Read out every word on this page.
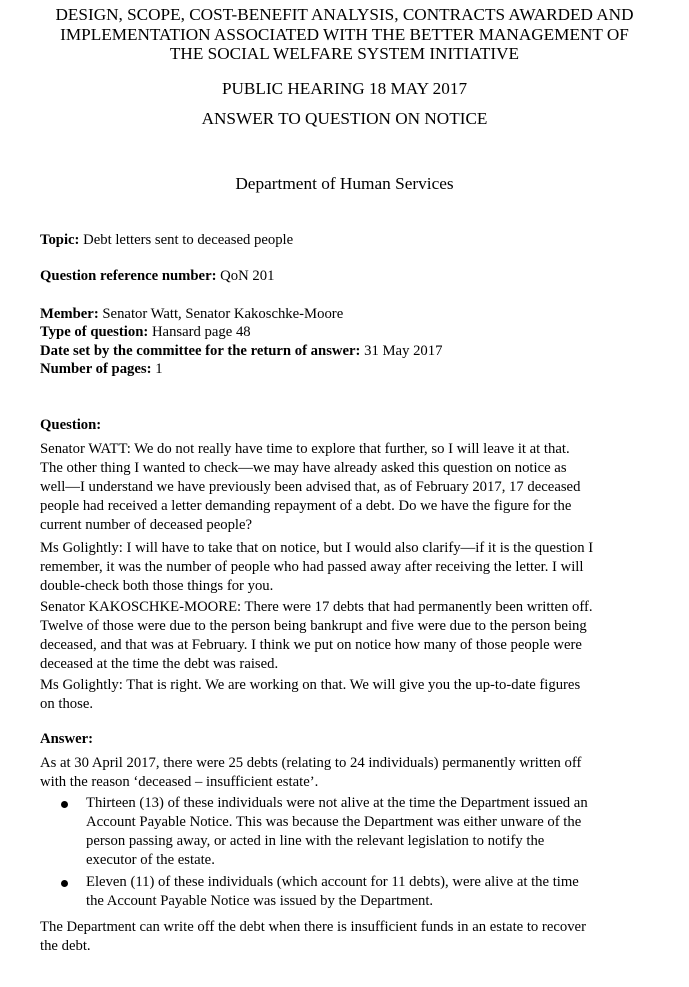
DESIGN, SCOPE, COST-BENEFIT ANALYSIS, CONTRACTS AWARDED AND
IMPLEMENTATION ASSOCIATED WITH THE BETTER MANAGEMENT OF
THE SOCIAL WELFARE SYSTEM INITIATIVE
PUBLIC HEARING 18 MAY 2017
ANSWER TO QUESTION ON NOTICE
Department of Human Services
Topic: Debt letters sent to deceased people
Question reference number: QoN 201
Member: Senator Watt, Senator Kakoschke-Moore
Type of question: Hansard page 48
Date set by the committee for the return of answer: 31 May 2017
Number of pages: 1
Question:
Senator WATT: We do not really have time to explore that further, so I will leave it at that.
The other thing I wanted to check—we may have already asked this question on notice as
well—I understand we have previously been advised that, as of February 2017, 17 deceased
people had received a letter demanding repayment of a debt. Do we have the figure for the
current number of deceased people?
Ms Golightly: I will have to take that on notice, but I would also clarify—if it is the question I
remember, it was the number of people who had passed away after receiving the letter. I will
double-check both those things for you.
Senator KAKOSCHKE-MOORE: There were 17 debts that had permanently been written off.
Twelve of those were due to the person being bankrupt and five were due to the person being
deceased, and that was at February. I think we put on notice how many of those people were
deceased at the time the debt was raised.
Ms Golightly: That is right. We are working on that. We will give you the up-to-date figures
on those.
Answer:
As at 30 April 2017, there were 25 debts (relating to 24 individuals) permanently written off
with the reason ‘deceased – insufficient estate’.
Thirteen (13) of these individuals were not alive at the time the Department issued an
Account Payable Notice. This was because the Department was either unware of the
person passing away, or acted in line with the relevant legislation to notify the
executor of the estate.
Eleven (11) of these individuals (which account for 11 debts), were alive at the time
the Account Payable Notice was issued by the Department.
The Department can write off the debt when there is insufficient funds in an estate to recover
the debt.
